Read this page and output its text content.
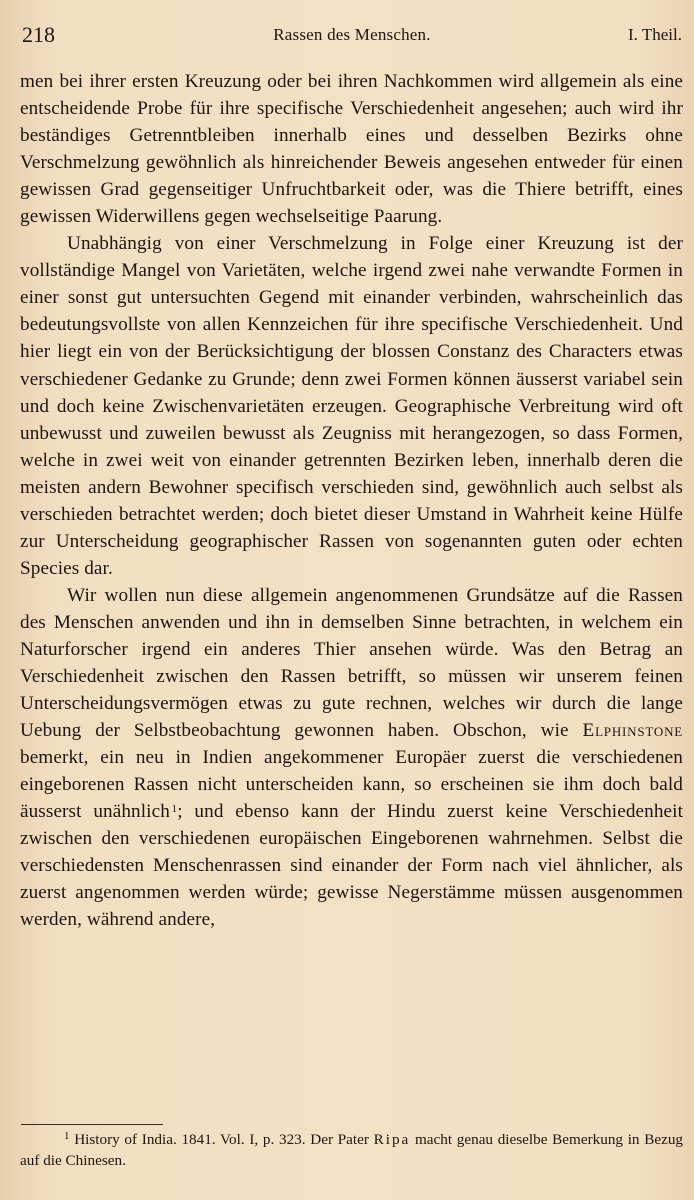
218	Rassen des Menschen.	I. Theil.

men bei ihrer ersten Kreuzung oder bei ihren Nachkommen wird allgemein als eine entscheidende Probe für ihre specifische Verschiedenheit angesehen; auch wird ihr beständiges Getrenntbleiben innerhalb eines und desselben Bezirks ohne Verschmelzung gewöhnlich als hinreichender Beweis angesehen entweder für einen gewissen Grad gegenseitiger Unfruchtbarkeit oder, was die Thiere betrifft, eines gewissen Widerwillens gegen wechselseitige Paarung.

Unabhängig von einer Verschmelzung in Folge einer Kreuzung ist der vollständige Mangel von Varietäten, welche irgend zwei nahe verwandte Formen in einer sonst gut untersuchten Gegend mit einander verbinden, wahrscheinlich das bedeutungsvollste von allen Kennzeichen für ihre specifische Verschiedenheit. Und hier liegt ein von der Berücksichtigung der blossen Constanz des Characters etwas verschiedener Gedanke zu Grunde; denn zwei Formen können äusserst variabel sein und doch keine Zwischenvarietäten erzeugen. Geographische Verbreitung wird oft unbewusst und zuweilen bewusst als Zeugniss mit herangezogen, so dass Formen, welche in zwei weit von einander getrennten Bezirken leben, innerhalb deren die meisten andern Bewohner specifisch verschieden sind, gewöhnlich auch selbst als verschieden betrachtet werden; doch bietet dieser Umstand in Wahrheit keine Hülfe zur Unterscheidung geographischer Rassen von sogenannten guten oder echten Species dar.

Wir wollen nun diese allgemein angenommenen Grundsätze auf die Rassen des Menschen anwenden und ihn in demselben Sinne betrachten, in welchem ein Naturforscher irgend ein anderes Thier ansehen würde. Was den Betrag an Verschiedenheit zwischen den Rassen betrifft, so müssen wir unserem feinen Unterscheidungsvermögen etwas zu gute rechnen, welches wir durch die lange Uebung der Selbstbeobachtung gewonnen haben. Obschon, wie Elphinstone bemerkt, ein neu in Indien angekommener Europäer zuerst die verschiedenen eingeborenen Rassen nicht unterscheiden kann, so erscheinen sie ihm doch bald äusserst unähnlich  $^1$; und ebenso kann der Hindu zuerst keine Verschiedenheit zwischen den verschiedenen europäischen Eingeborenen wahrnehmen. Selbst die verschiedensten Menschenrassen sind einander der Form nach viel ähnlicher, als zuerst angenommen werden würde; gewisse Negerstämme müssen ausgenommen werden, während andere,

$^1$ History of India. 1841. Vol. I, p. 323. Der Pater Ripa macht genau dieselbe Bemerkung in Bezug auf die Chinesen.
